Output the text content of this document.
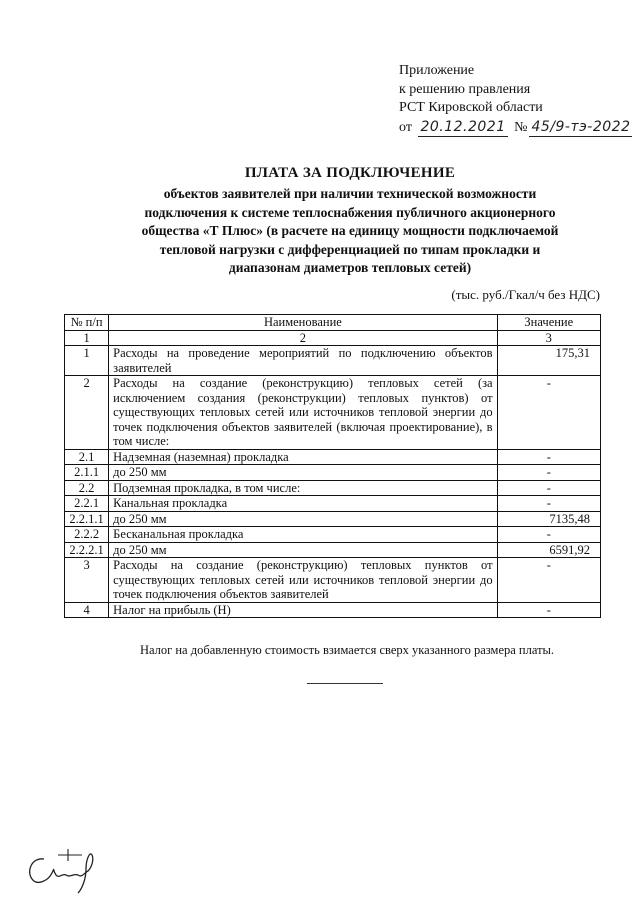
Приложение
к решению правления
РСТ Кировской области
от 20.12.2021 № 45/9-тэ-2022
ПЛАТА ЗА ПОДКЛЮЧЕНИЕ
объектов заявителей при наличии технической возможности
подключения к системе теплоснабжения публичного акционерного
общества «Т Плюс» (в расчете на единицу мощности подключаемой
тепловой нагрузки с дифференциацией по типам прокладки и
диапазонам диаметров тепловых сетей)
(тыс. руб./Гкал/ч без НДС)
№ п/п	Наименование	Значение
1	2	3
1	Расходы на проведение мероприятий по подключению объектов заявителей	175,31
2	Расходы на создание (реконструкцию) тепловых сетей (за исключением создания (реконструкции) тепловых пунктов) от существующих тепловых сетей или источников тепловой энергии до точек подключения объектов заявителей (включая проектирование), в том числе:	-
2.1	Надземная (наземная) прокладка	-
2.1.1	до 250 мм	-
2.2	Подземная прокладка, в том числе:	-
2.2.1	Канальная прокладка	-
2.2.1.1	до 250 мм	7135,48
2.2.2	Бесканальная прокладка	-
2.2.2.1	до 250 мм	6591,92
3	Расходы на создание (реконструкцию) тепловых пунктов от существующих тепловых сетей или источников тепловой энергии до точек подключения объектов заявителей	-
4	Налог на прибыль (Н)	-
Налог на добавленную стоимость взимается сверх указанного размера платы.
